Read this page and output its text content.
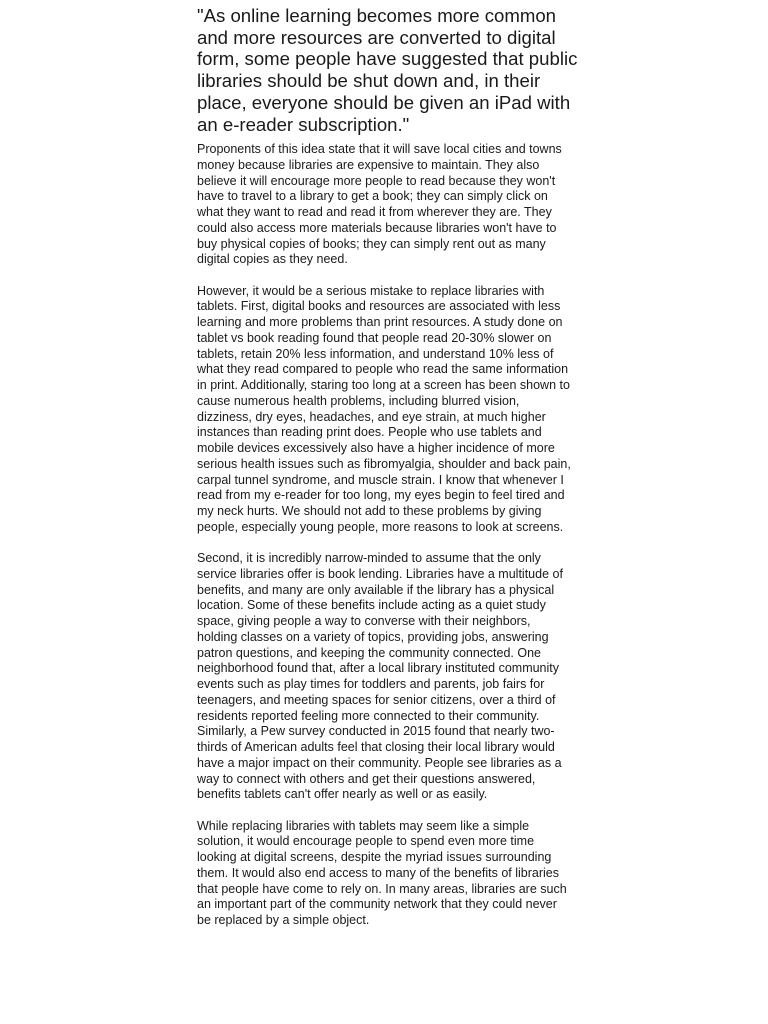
"As online learning becomes more common and more resources are converted to digital form, some people have suggested that public libraries should be shut down and, in their place, everyone should be given an iPad with an e-reader subscription."

Proponents of this idea state that it will save local cities and towns money because libraries are expensive to maintain. They also believe it will encourage more people to read because they won't have to travel to a library to get a book; they can simply click on what they want to read and read it from wherever they are. They could also access more materials because libraries won't have to buy physical copies of books; they can simply rent out as many digital copies as they need.

However, it would be a serious mistake to replace libraries with tablets. First, digital books and resources are associated with less learning and more problems than print resources. A study done on tablet vs book reading found that people read 20-30% slower on tablets, retain 20% less information, and understand 10% less of what they read compared to people who read the same information in print. Additionally, staring too long at a screen has been shown to cause numerous health problems, including blurred vision, dizziness, dry eyes, headaches, and eye strain, at much higher instances than reading print does. People who use tablets and mobile devices excessively also have a higher incidence of more serious health issues such as fibromyalgia, shoulder and back pain, carpal tunnel syndrome, and muscle strain. I know that whenever I read from my e-reader for too long, my eyes begin to feel tired and my neck hurts. We should not add to these problems by giving people, especially young people, more reasons to look at screens.

Second, it is incredibly narrow-minded to assume that the only service libraries offer is book lending. Libraries have a multitude of benefits, and many are only available if the library has a physical location. Some of these benefits include acting as a quiet study space, giving people a way to converse with their neighbors, holding classes on a variety of topics, providing jobs, answering patron questions, and keeping the community connected. One neighborhood found that, after a local library instituted community events such as play times for toddlers and parents, job fairs for teenagers, and meeting spaces for senior citizens, over a third of residents reported feeling more connected to their community. Similarly, a Pew survey conducted in 2015 found that nearly two-thirds of American adults feel that closing their local library would have a major impact on their community. People see libraries as a way to connect with others and get their questions answered, benefits tablets can't offer nearly as well or as easily.

While replacing libraries with tablets may seem like a simple solution, it would encourage people to spend even more time looking at digital screens, despite the myriad issues surrounding them. It would also end access to many of the benefits of libraries that people have come to rely on. In many areas, libraries are such an important part of the community network that they could never be replaced by a simple object.
